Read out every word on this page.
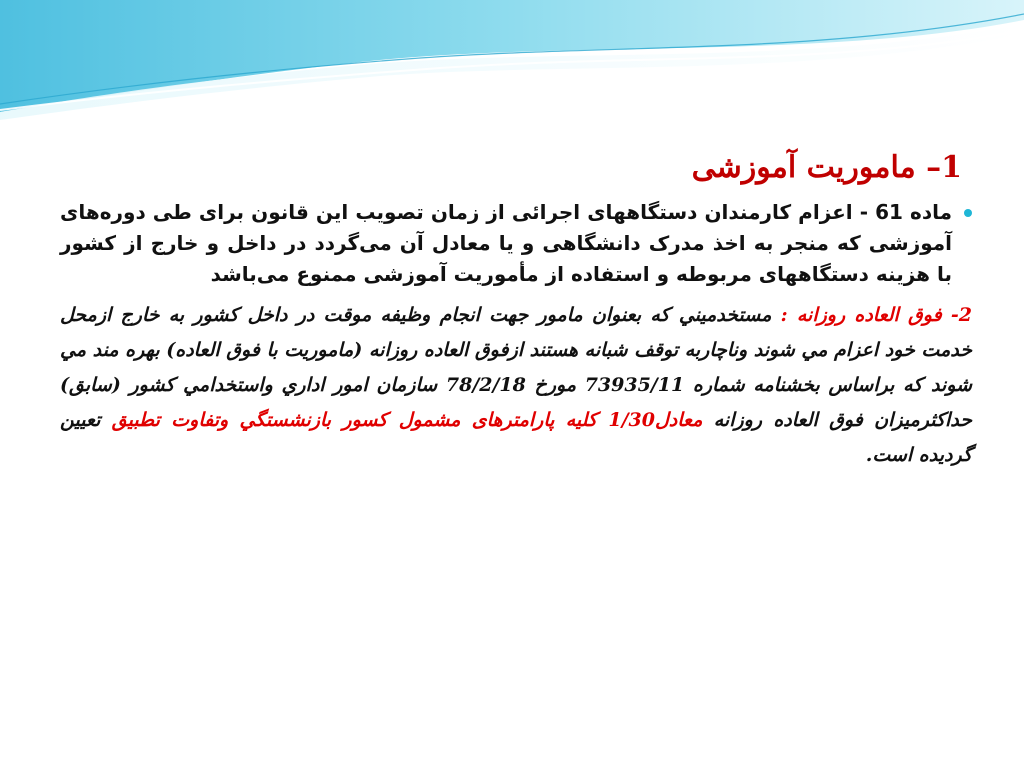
1– ماموريت آموزشی
ماده 61 - اعزام کارمندان دستگاههای اجرائی از زمان تصويب اين قانون برای طی دوره‌های آموزشی که منجر به اخذ مدرک دانشگاهی و يا معادل آن می‌گردد در داخل و خارج از کشور با هزينه دستگاههای مربوطه و استفاده از مأموريت آموزشی ممنوع می‌باشد
2- فوق العاده روزانه : مستخدميني كه بعنوان مامور جهت انجام وظيفه موقت در داخل كشور به خارج ازمحل خدمت خود اعزام مي شوند وناچاربه توقف شبانه هستند ازفوق العاده روزانه (ماموريت با فوق العاده) بهره مند مي شوند كه براساس بخشنامه شماره 73935/11 مورخ 78/2/18 سازمان امور اداري واستخدامي كشور (سابق) حداكثرميزان فوق العاده روزانه معادل1/30 كليه پارامترهای مشمول كسور بازنشستگي وتفاوت تطبيق تعيين گرديده است.
